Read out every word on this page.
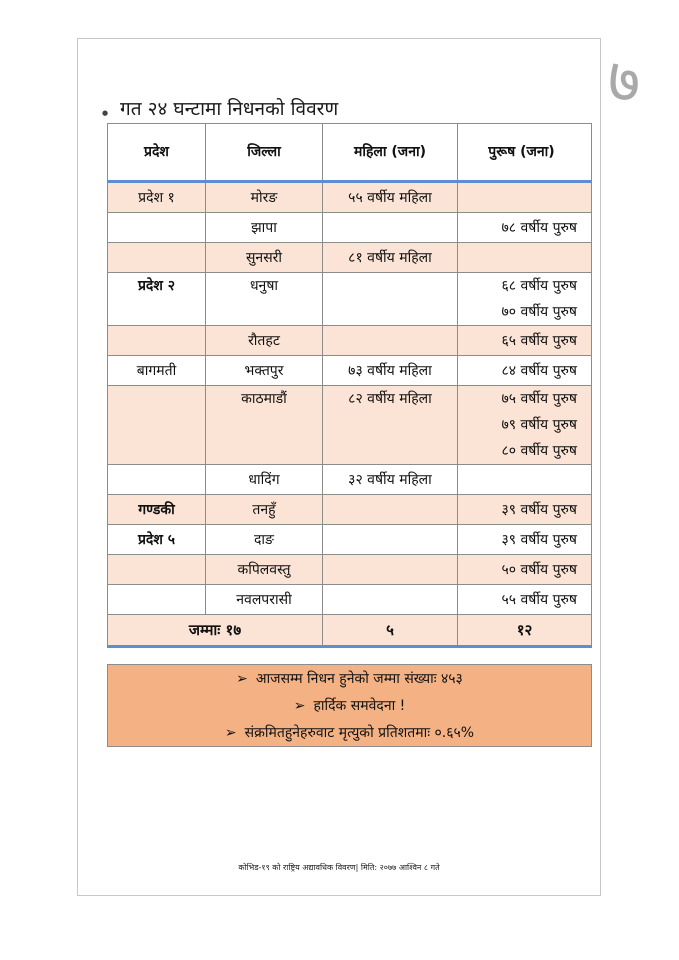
७
● गत २४ घन्टामा निधनको विवरण
प्रदेश	जिल्ला	महिला (जना)	पुरूष (जना)
प्रदेश १	मोरङ	५५ वर्षीय महिला	

	झापा		७८ वर्षीय पुरुष

	सुनसरी	८१ वर्षीय महिला	

प्रदेश २	धनुषा		६८ वर्षीय पुरुष
७० वर्षीय पुरुष

	रौतहट		६५ वर्षीय पुरुष

बागमती	भक्तपुर	७३ वर्षीय महिला	८४ वर्षीय पुरुष

	काठमाडौं	८२ वर्षीय महिला	७५ वर्षीय पुरुष
७९ वर्षीय पुरुष
८० वर्षीय पुरुष

	धादिंग	३२ वर्षीय महिला	

गण्डकी	तनहुँ		३९ वर्षीय पुरुष

प्रदेश ५	दाङ		३९ वर्षीय पुरुष

	कपिलवस्तु		५० वर्षीय पुरुष

	नवलपरासी		५५ वर्षीय पुरुष

जम्माः १७		५	१२
➢ आजसम्म निधन हुनेको जम्मा संख्याः ४५३
➢ हार्दिक समवेदना !
➢ संक्रमितहुनेहरुवाट मृत्युको प्रतिशतमाः ०.६५%
कोभिड-१९ को राष्ट्रिय अद्यावधिक विवरण| मिति: २०७७ आश्विन ८ गते
